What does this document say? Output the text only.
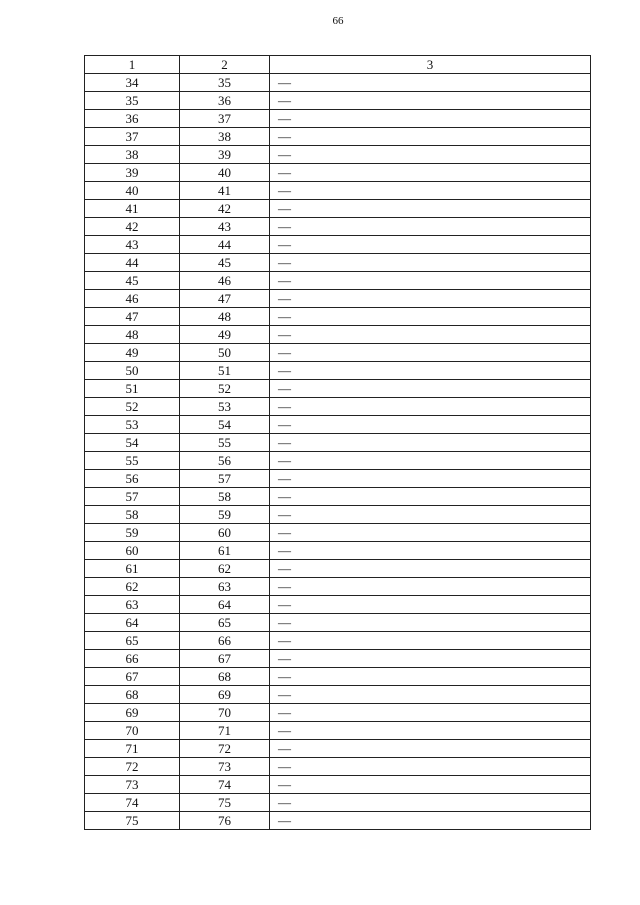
66
1	2	3
34	35	—
35	36	—
36	37	—
37	38	—
38	39	—
39	40	—
40	41	—
41	42	—
42	43	—
43	44	—
44	45	—
45	46	—
46	47	—
47	48	—
48	49	—
49	50	—
50	51	—
51	52	—
52	53	—
53	54	—
54	55	—
55	56	—
56	57	—
57	58	—
58	59	—
59	60	—
60	61	—
61	62	—
62	63	—
63	64	—
64	65	—
65	66	—
66	67	—
67	68	—
68	69	—
69	70	—
70	71	—
71	72	—
72	73	—
73	74	—
74	75	—
75	76	—
